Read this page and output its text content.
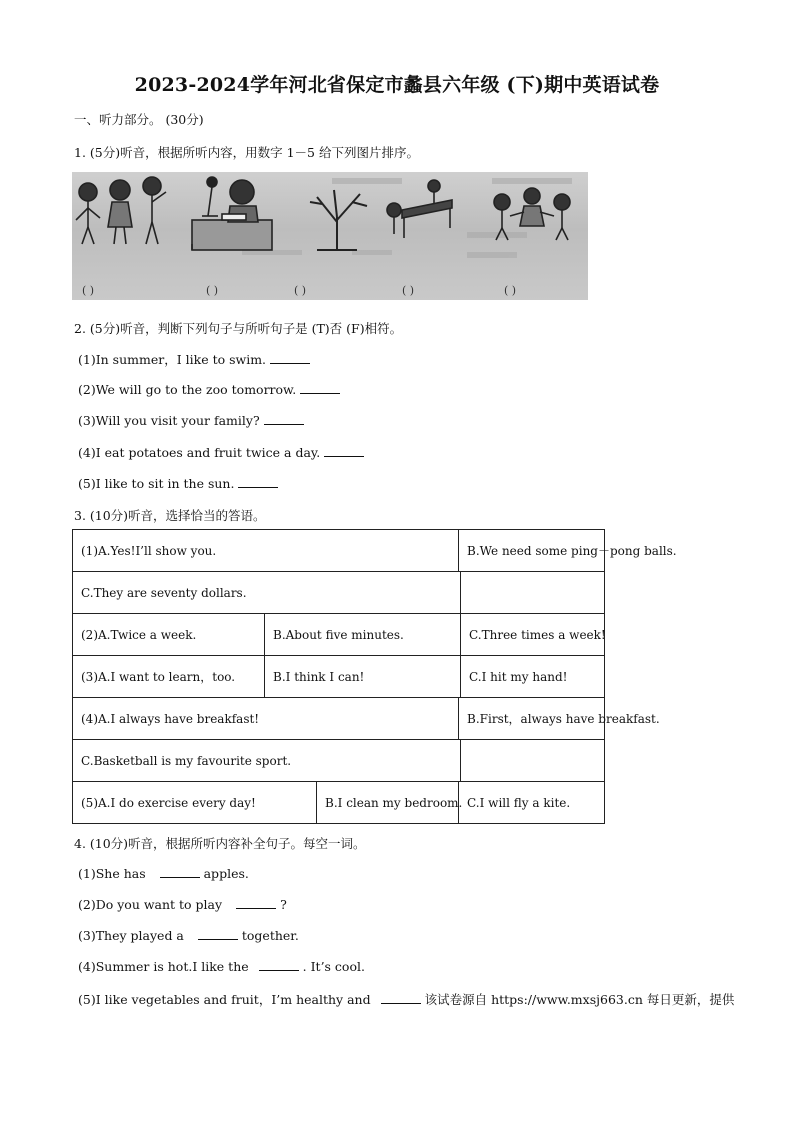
2023-2024学年河北省保定市蠡县六年级 (下)期中英语试卷
一、听力部分。 (30分)
1. (5分)听音，根据所听内容，用数字 1－5 给下列图片排序。
( )	( )	( )	( )	( )
2. (5分)听音，判断下列句子与所听句子是 (T)否 (F)相符。
(1)In summer，I like to swim.
(2)We will go to the zoo tomorrow.
(3)Will you visit your family?
(4)I eat potatoes and fruit twice a day.
(5)I like to sit in the sun.
3. (10分)听音，选择恰当的答语。
(1)A.Yes!I’ll show you.			B.We need some ping－pong balls.	
C.They are seventy dollars.				
(2)A.Twice a week.	B.About five minutes.			C.Three times a week!
(3)A.I want to learn，too.	B.I think I can!			C.I hit my hand!
(4)A.I always have breakfast!			B.First，always have breakfast.	
C.Basketball is my favourite sport.				
(5)A.I do exercise every day!		B.I clean my bedroom.	C.I will fly a kite.	
4. (10分)听音，根据所听内容补全句子。每空一词。
(1)She has	apples.
(2)Do you want to play	?
(3)They played a	together.
(4)Summer is hot.I like the	. It’s cool.
(5)I like vegetables and fruit，I’m healthy and	该试卷源自 https://www.mxsj663.cn 每日更新，提供
